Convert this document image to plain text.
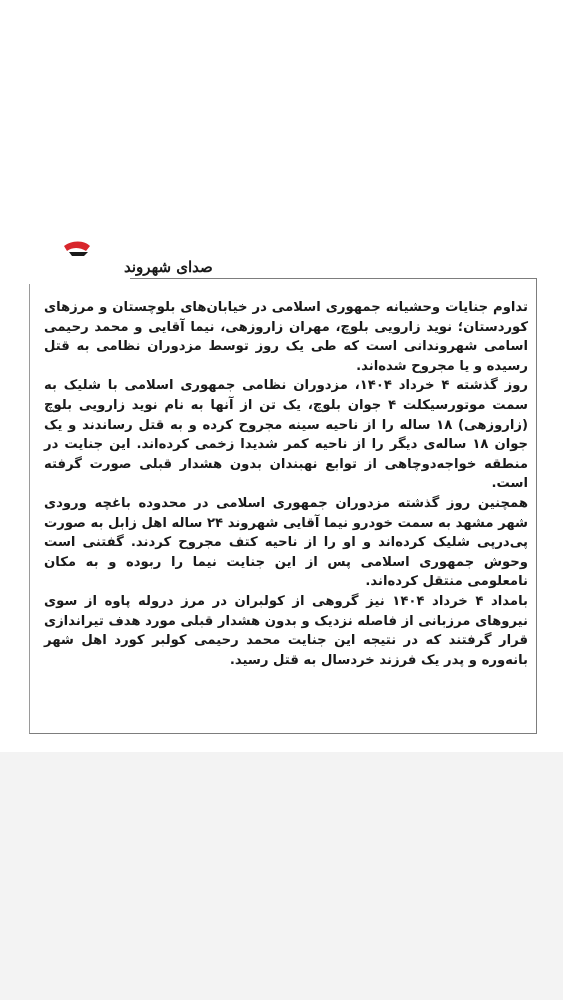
تداوم جنایات وحشیانه جمهوری اسلامی در خیابان‌های بلوچستان و مرزهای کوردستان؛ نوید زارویی بلوچ، مهران زاروزهی، نیما آقایی و محمد رحیمی اسامی شهروندانی است که طی یک روز توسط مزدوران نظامی به قتل رسیده و یا مجروح شده‌اند.

روز گذشته ۴ خرداد ۱۴۰۴، مزدوران نظامی جمهوری اسلامی با شلیک به سمت موتورسیکلت ۴ جوان بلوچ، یک تن از آنها به نام نوید زارویی بلوچ (زاروزهی) ۱۸ ساله را از ناحیه سینه مجروح کرده و به قتل رساندند و یک جوان ۱۸ ساله‌ی دیگر را از ناحیه کمر شدیدا زخمی کرده‌اند. این جنایت در منطقه خواجه‌دوچاهی از توابع نهبندان بدون هشدار قبلی صورت گرفته است.

همچنین روز گذشته مزدوران جمهوری اسلامی در محدوده باغچه ورودی شهر مشهد به سمت خودرو نیما آقایی شهروند ۲۴ ساله اهل زابل به صورت پی‌درپی شلیک کرده‌اند و او را از ناحیه کتف مجروح کردند. گفتنی است وحوش جمهوری اسلامی پس از این جنایت نیما را ربوده و به مکان نامعلومی منتقل کرده‌اند.

بامداد ۴ خرداد ۱۴۰۴ نیز گروهی از کولبران در مرز دروله پاوه از سوی نیروهای مرزبانی از فاصله نزدیک و بدون هشدار قبلی مورد هدف تیراندازی قرار گرفتند که در نتیجه این جنایت محمد رحیمی کولبر کورد اهل شهر بانه‌وره و پدر یک فرزند خردسال به قتل رسید.

صدای شهروند
